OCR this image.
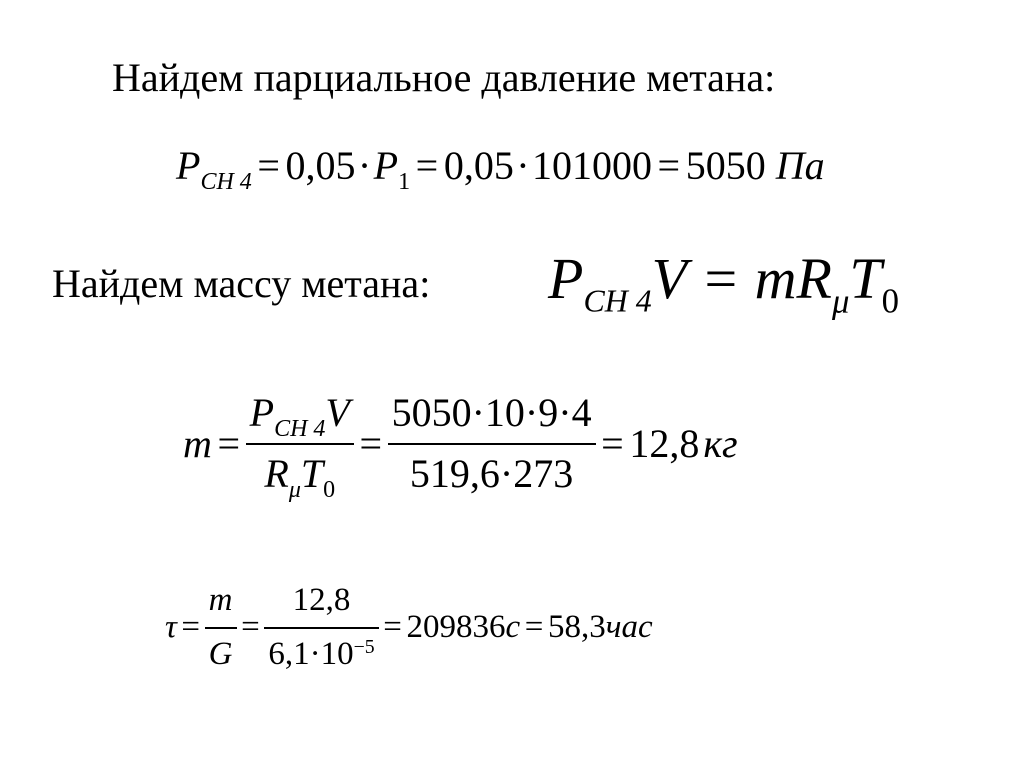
Найдем парциальное давление метана:
$P_{CH 4} = 0,05 \cdot P_1 = 0,05 \cdot 101000 = 5050$ Па
Найдем массу метана: $P_{CH 4}$ V = m $R_\mu$ $T_0$
$m = \frac{P_{CH 4}V}{R_\mu T_0} = \frac{5050\cdot 10\cdot 9\cdot 4}{519,6\cdot 273} = 12,8$ кг
$\tau = \frac{m}{G} = \frac{12,8}{6,1\cdot 10^{-5}} = 209836$ с = 58,3 час
